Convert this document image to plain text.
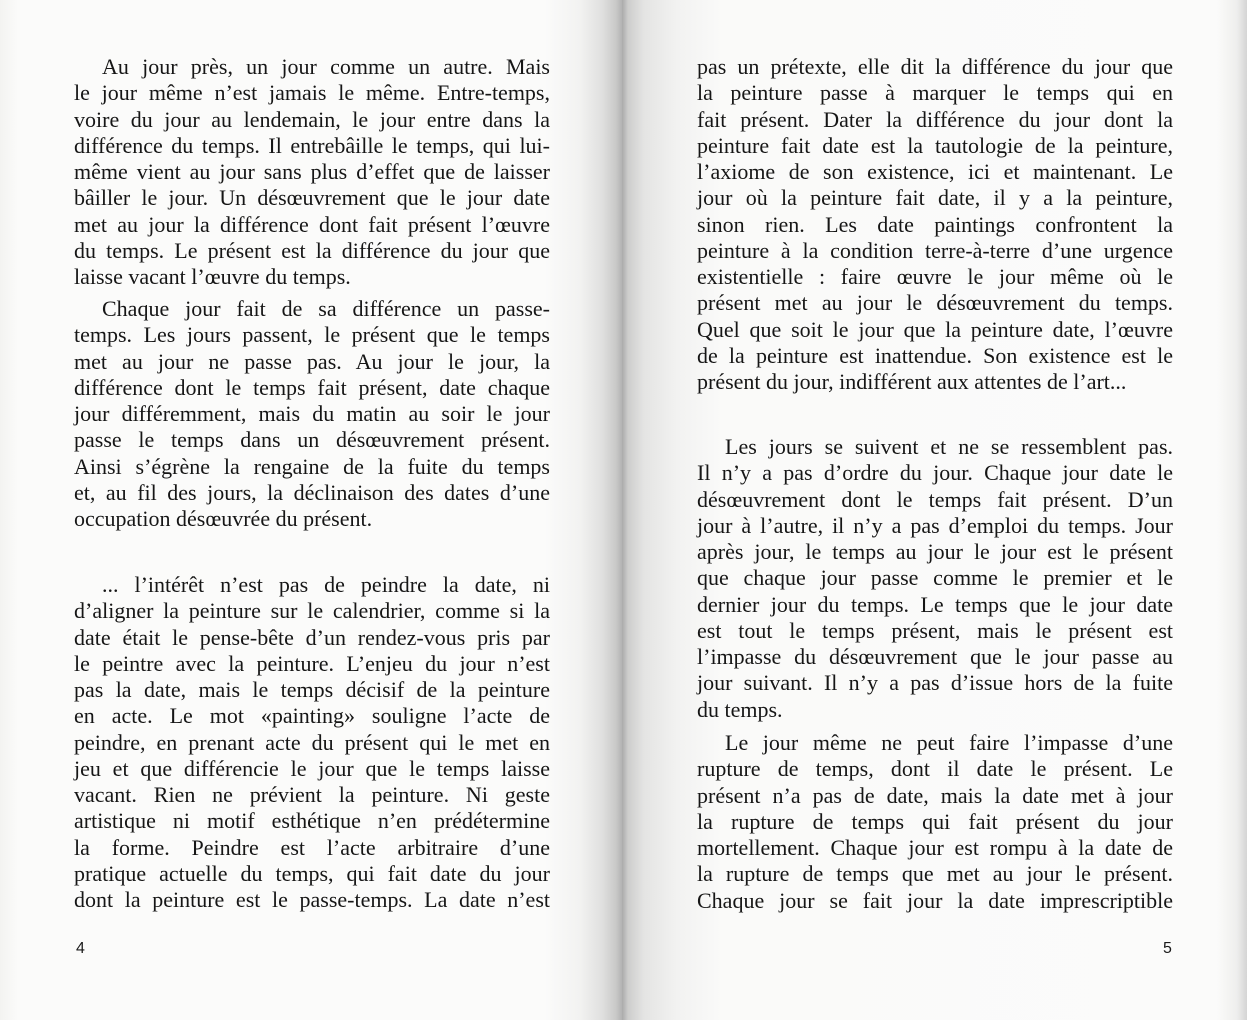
Au jour près, un jour comme un autre. Mais
le jour même n’est jamais le même. Entre-temps,
voire du jour au lendemain, le jour entre dans la
différence du temps. Il entrebâille le temps, qui lui-
même vient au jour sans plus d’effet que de laisser
bâiller le jour. Un désœuvrement que le jour date
met au jour la différence dont fait présent l’œuvre
du temps. Le présent est la différence du jour que
laisse vacant l’œuvre du temps.
Chaque jour fait de sa différence un passe-
temps. Les jours passent, le présent que le temps
met au jour ne passe pas. Au jour le jour, la
différence dont le temps fait présent, date chaque
jour différemment, mais du matin au soir le jour
passe le temps dans un désœuvrement présent.
Ainsi s’égrène la rengaine de la fuite du temps
et, au fil des jours, la déclinaison des dates d’une
occupation désœuvrée du présent.
... l’intérêt n’est pas de peindre la date, ni
d’aligner la peinture sur le calendrier, comme si la
date était le pense-bête d’un rendez-vous pris par
le peintre avec la peinture. L’enjeu du jour n’est
pas la date, mais le temps décisif de la peinture
en acte. Le mot «painting» souligne l’acte de
peindre, en prenant acte du présent qui le met en
jeu et que différencie le jour que le temps laisse
vacant. Rien ne prévient la peinture. Ni geste
artistique ni motif esthétique n’en prédétermine
la forme. Peindre est l’acte arbitraire d’une
pratique actuelle du temps, qui fait date du jour
dont la peinture est le passe-temps. La date n’est
4
pas un prétexte, elle dit la différence du jour que
la peinture passe à marquer le temps qui en
fait présent. Dater la différence du jour dont la
peinture fait date est la tautologie de la peinture,
l’axiome de son existence, ici et maintenant. Le
jour où la peinture fait date, il y a la peinture,
sinon rien. Les date paintings confrontent la
peinture à la condition terre-à-terre d’une urgence
existentielle : faire œuvre le jour même où le
présent met au jour le désœuvrement du temps.
Quel que soit le jour que la peinture date, l’œuvre
de la peinture est inattendue. Son existence est le
présent du jour, indifférent aux attentes de l’art...
Les jours se suivent et ne se ressemblent pas.
Il n’y a pas d’ordre du jour. Chaque jour date le
désœuvrement dont le temps fait présent. D’un
jour à l’autre, il n’y a pas d’emploi du temps. Jour
après jour, le temps au jour le jour est le présent
que chaque jour passe comme le premier et le
dernier jour du temps. Le temps que le jour date
est tout le temps présent, mais le présent est
l’impasse du désœuvrement que le jour passe au
jour suivant. Il n’y a pas d’issue hors de la fuite
du temps.
Le jour même ne peut faire l’impasse d’une
rupture de temps, dont il date le présent. Le
présent n’a pas de date, mais la date met à jour
la rupture de temps qui fait présent du jour
mortellement. Chaque jour est rompu à la date de
la rupture de temps que met au jour le présent.
Chaque jour se fait jour la date imprescriptible
5
